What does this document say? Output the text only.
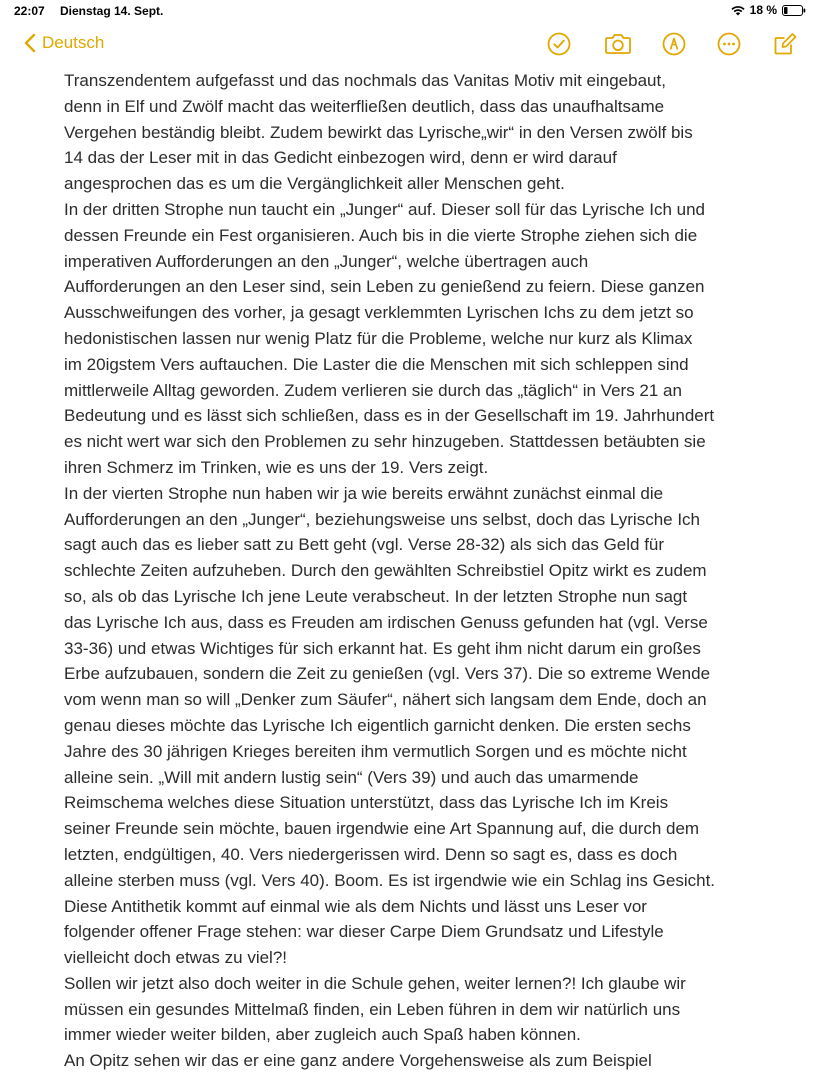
22:07 Dienstag 14. Sept.	18 %
Deutsch

Transzendentem aufgefasst und das nochmals das Vanitas Motiv mit eingebaut,

denn in Elf und Zwölf macht das weiterfließen deutlich, dass das unaufhaltsame

Vergehen beständig bleibt. Zudem bewirkt das Lyrische„wir“ in den Versen zwölf bis

14 das der Leser mit in das Gedicht einbezogen wird, denn er wird darauf

angesprochen das es um die Vergänglichkeit aller Menschen geht.

In der dritten Strophe nun taucht ein „Junger“ auf. Dieser soll für das Lyrische Ich und

dessen Freunde ein Fest organisieren. Auch bis in die vierte Strophe ziehen sich die

imperativen Aufforderungen an den „Junger“, welche übertragen auch

Aufforderungen an den Leser sind, sein Leben zu genießend zu feiern. Diese ganzen

Ausschweifungen des vorher, ja gesagt verklemmten Lyrischen Ichs zu dem jetzt so

hedonistischen lassen nur wenig Platz für die Probleme, welche nur kurz als Klimax

im 20igstem Vers auftauchen. Die Laster die die Menschen mit sich schleppen sind

mittlerweile Alltag geworden. Zudem verlieren sie durch das „täglich“ in Vers 21 an

Bedeutung und es lässt sich schließen, dass es in der Gesellschaft im 19. Jahrhundert

es nicht wert war sich den Problemen zu sehr hinzugeben. Stattdessen betäubten sie

ihren Schmerz im Trinken, wie es uns der 19. Vers zeigt.

In der vierten Strophe nun haben wir ja wie bereits erwähnt zunächst einmal die

Aufforderungen an den „Junger“, beziehungsweise uns selbst, doch das Lyrische Ich

sagt auch das es lieber satt zu Bett geht (vgl. Verse 28-32) als sich das Geld für

schlechte Zeiten aufzuheben. Durch den gewählten Schreibstiel Opitz wirkt es zudem

so, als ob das Lyrische Ich jene Leute verabscheut. In der letzten Strophe nun sagt

das Lyrische Ich aus, dass es Freuden am irdischen Genuss gefunden hat (vgl. Verse

33-36) und etwas Wichtiges für sich erkannt hat. Es geht ihm nicht darum ein großes

Erbe aufzubauen, sondern die Zeit zu genießen (vgl. Vers 37). Die so extreme Wende

vom wenn man so will „Denker zum Säufer“, nähert sich langsam dem Ende, doch an

genau dieses möchte das Lyrische Ich eigentlich garnicht denken. Die ersten sechs

Jahre des 30 jährigen Krieges bereiten ihm vermutlich Sorgen und es möchte nicht

alleine sein. „Will mit andern lustig sein“ (Vers 39) und auch das umarmende

Reimschema welches diese Situation unterstützt, dass das Lyrische Ich im Kreis

seiner Freunde sein möchte, bauen irgendwie eine Art Spannung auf, die durch dem

letzten, endgültigen, 40. Vers niedergerissen wird. Denn so sagt es, dass es doch

alleine sterben muss (vgl. Vers 40). Boom. Es ist irgendwie wie ein Schlag ins Gesicht.

Diese Antithetik kommt auf einmal wie als dem Nichts und lässt uns Leser vor

folgender offener Frage stehen: war dieser Carpe Diem Grundsatz und Lifestyle

vielleicht doch etwas zu viel?!

Sollen wir jetzt also doch weiter in die Schule gehen, weiter lernen?! Ich glaube wir

müssen ein gesundes Mittelmaß finden, ein Leben führen in dem wir natürlich uns

immer wieder weiter bilden, aber zugleich auch Spaß haben können.

An Opitz sehen wir das er eine ganz andere Vorgehensweise als zum Beispiel
